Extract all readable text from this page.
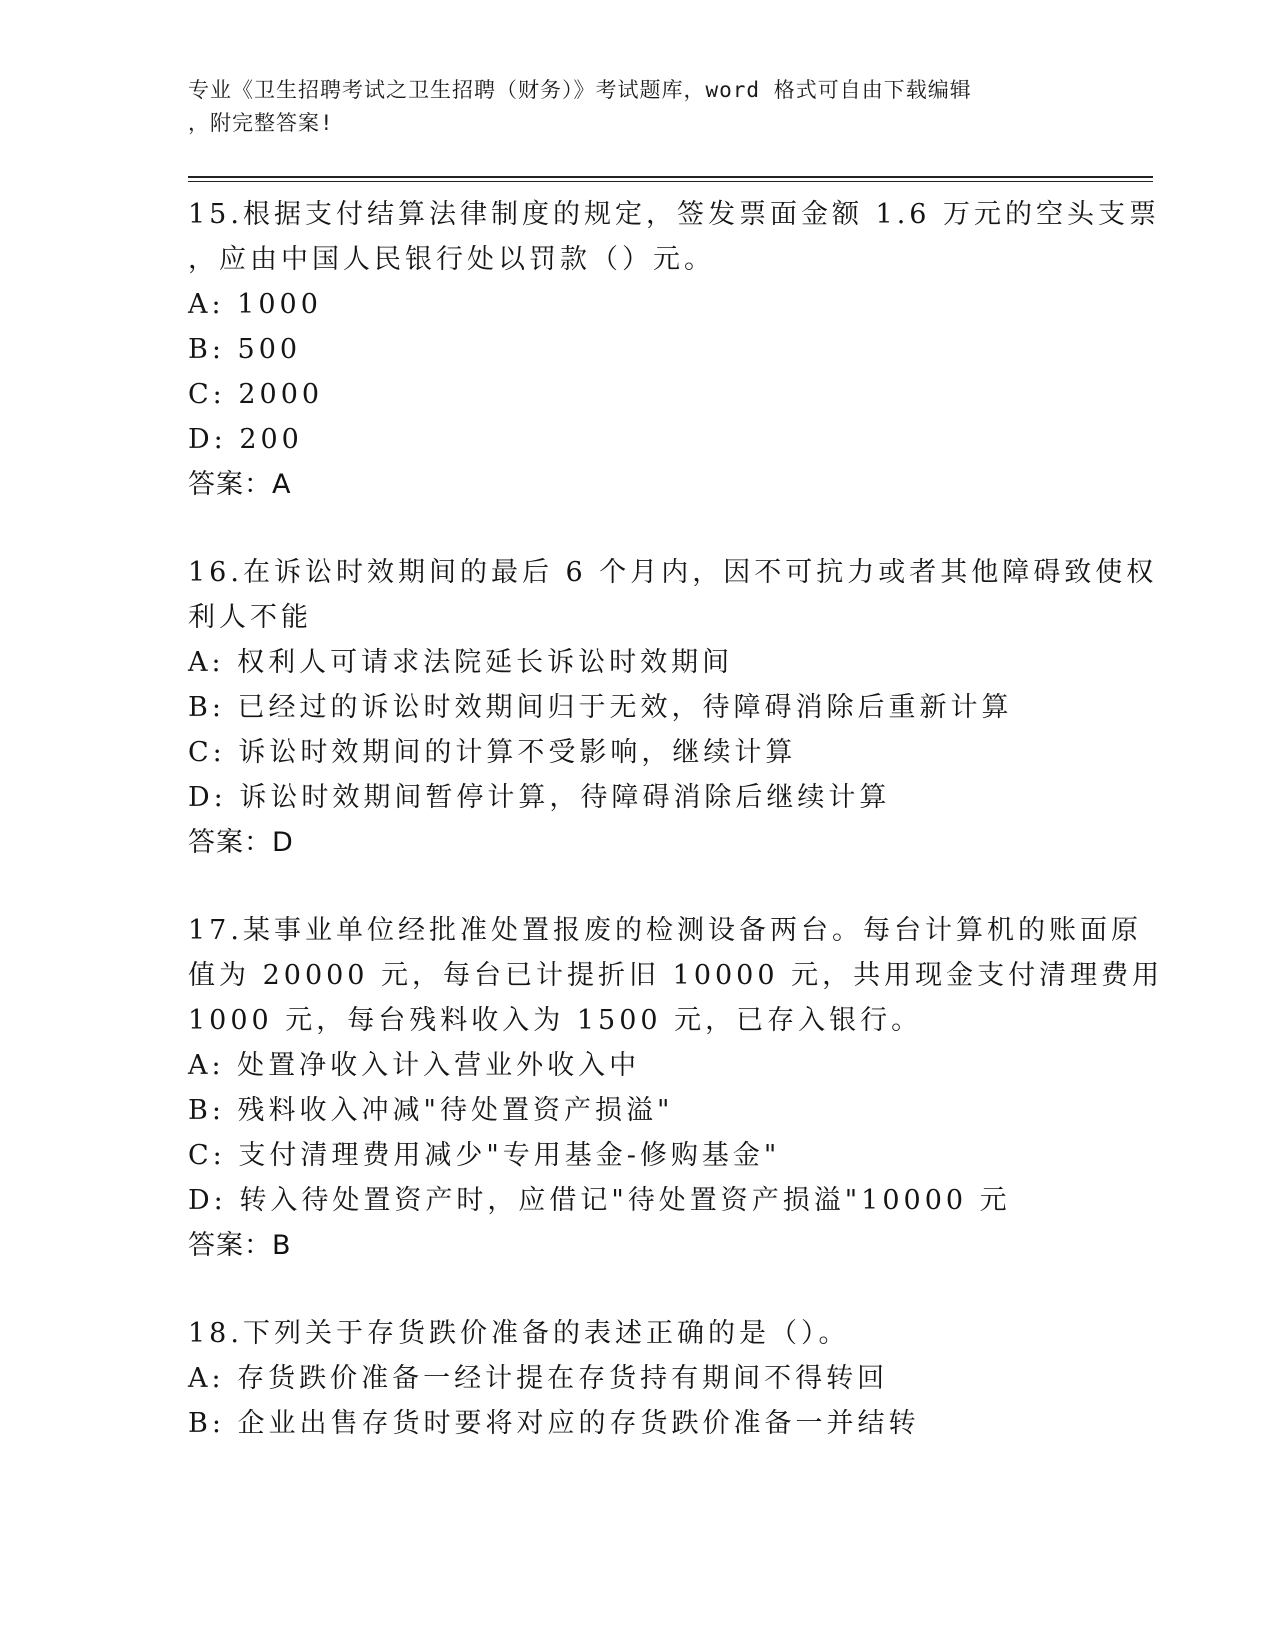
专业《卫生招聘考试之卫生招聘（财务）》考试题库，word 格式可自由下载编辑
，附完整答案!
15.根据支付结算法律制度的规定，签发票面金额 1.6 万元的空头支票
，应由中国人民银行处以罚款（）元。
A: 1000
B: 500
C: 2000
D: 200
答案：A
16.在诉讼时效期间的最后 6 个月内，因不可抗力或者其他障碍致使权
利人不能
A: 权利人可请求法院延长诉讼时效期间
B: 已经过的诉讼时效期间归于无效，待障碍消除后重新计算
C: 诉讼时效期间的计算不受影响，继续计算
D: 诉讼时效期间暂停计算，待障碍消除后继续计算
答案：D
17.某事业单位经批准处置报废的检测设备两台。每台计算机的账面原
值为 20000 元，每台已计提折旧 10000 元，共用现金支付清理费用
1000 元，每台残料收入为 1500 元，已存入银行。
A: 处置净收入计入营业外收入中
B: 残料收入冲减"待处置资产损溢"
C: 支付清理费用减少"专用基金-修购基金"
D: 转入待处置资产时，应借记"待处置资产损溢"10000 元
答案：B
18.下列关于存货跌价准备的表述正确的是（）。
A: 存货跌价准备一经计提在存货持有期间不得转回
B: 企业出售存货时要将对应的存货跌价准备一并结转
